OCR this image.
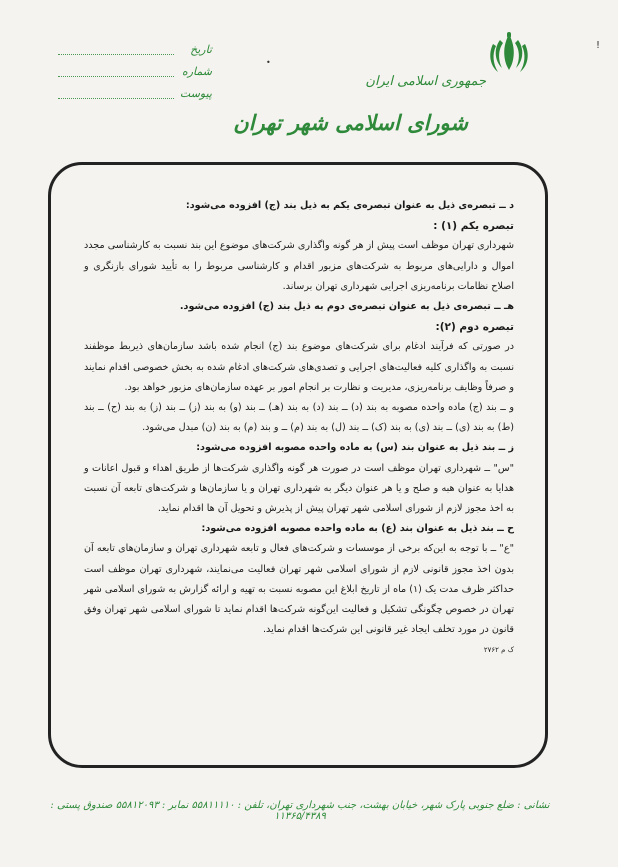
تاریخ
شماره
پیوست
•
!
جمهوری اسلامی ایران
شورای اسلامی شهر تهران

د ــ تبصره‌ی ذیل به عنوان تبصره‌ی یکم به ذیل بند (ج) افزوده می‌شود:

تبصره یکم (۱) :

شهرداری تهران موظف است پیش از هر گونه واگذاری شرکت‌های موضوع این بند نسبت به کارشناسی مجدد اموال و دارایی‌های مربوط به شرکت‌های مزبور اقدام و کارشناسی مربوط را به تأیید شورای بازنگری و اصلاح نظامات برنامه‌ریزی اجرایی شهرداری تهران برساند.

هـ ــ تبصره‌ی ذیل به عنوان تبصره‌ی دوم به ذیل بند (ج) افزوده می‌شود.

تبصره دوم (۲):

در صورتی که فرآیند ادغام برای شرکت‌های موضوع بند (ج) انجام شده باشد سازمان‌های ذیربط موظفند نسبت به واگذاری کلیه فعالیت‌های اجرایی و تصدی‌های شرکت‌های ادغام شده به بخش خصوصی اقدام نمایند و صرفاً وظایف برنامه‌ریزی، مدیریت و نظارت بر انجام امور بر عهده سازمان‌های مزبور خواهد بود.

و ــ بند (ج) ماده واحده مصوبه به بند (د) ــ بند (د) به بند (هـ) ــ بند (و) به بند (ز) ــ بند (ز) به بند (ح) ــ بند (ط) به بند (ی) ــ بند (ی) به بند (ک) ــ بند (ل) به بند (م) ــ و بند (م) به بند (ن) مبدل می‌شود.

ز ــ بند ذیل به عنوان بند (س) به ماده واحده مصوبه افزوده می‌شود:

"س" ــ شهرداری تهران موظف است در صورت هر گونه واگذاری شرکت‌ها از طریق اهداء و قبول اعانات و هدایا به عنوان هبه و صلح و یا هر عنوان دیگر به شهرداری تهران و یا سازمان‌ها و شرکت‌های تابعه آن نسبت به اخذ مجوز لازم از شورای اسلامی شهر تهران پیش از پذیرش و تحویل آن ها اقدام نماید.

ح ــ بند ذیل به عنوان بند (ع) به ماده واحده مصوبه افزوده می‌شود:

"ع" ــ با توجه به این‌که برخی از موسسات و شرکت‌های فعال و تابعه شهرداری تهران و سازمان‌های تابعه آن بدون اخذ مجوز قانونی لازم از شورای اسلامی شهر تهران فعالیت می‌نمایند، شهرداری تهران موظف است حداکثر ظرف مدت یک (۱) ماه از تاریخ ابلاغ این مصوبه نسبت به تهیه و ارائه گزارش به شورای اسلامی شهر تهران در خصوص چگونگی تشکیل و فعالیت این‌گونه شرکت‌ها اقدام نماید تا شورای اسلامی شهر تهران وفق قانون در مورد تخلف ایجاد غیر قانونی این شرکت‌ها اقدام نماید.

ک م ۲۷۶۲

نشانی : ضلع جنوبی پارک شهر، خیابان بهشت، جنب شهرداری تهران، تلفن : ۵۵۸۱۱۱۱۰ نمابر : ۵۵۸۱۲۰۹۳ صندوق پستی : ۱۱۳۶۵/۴۳۸۹
